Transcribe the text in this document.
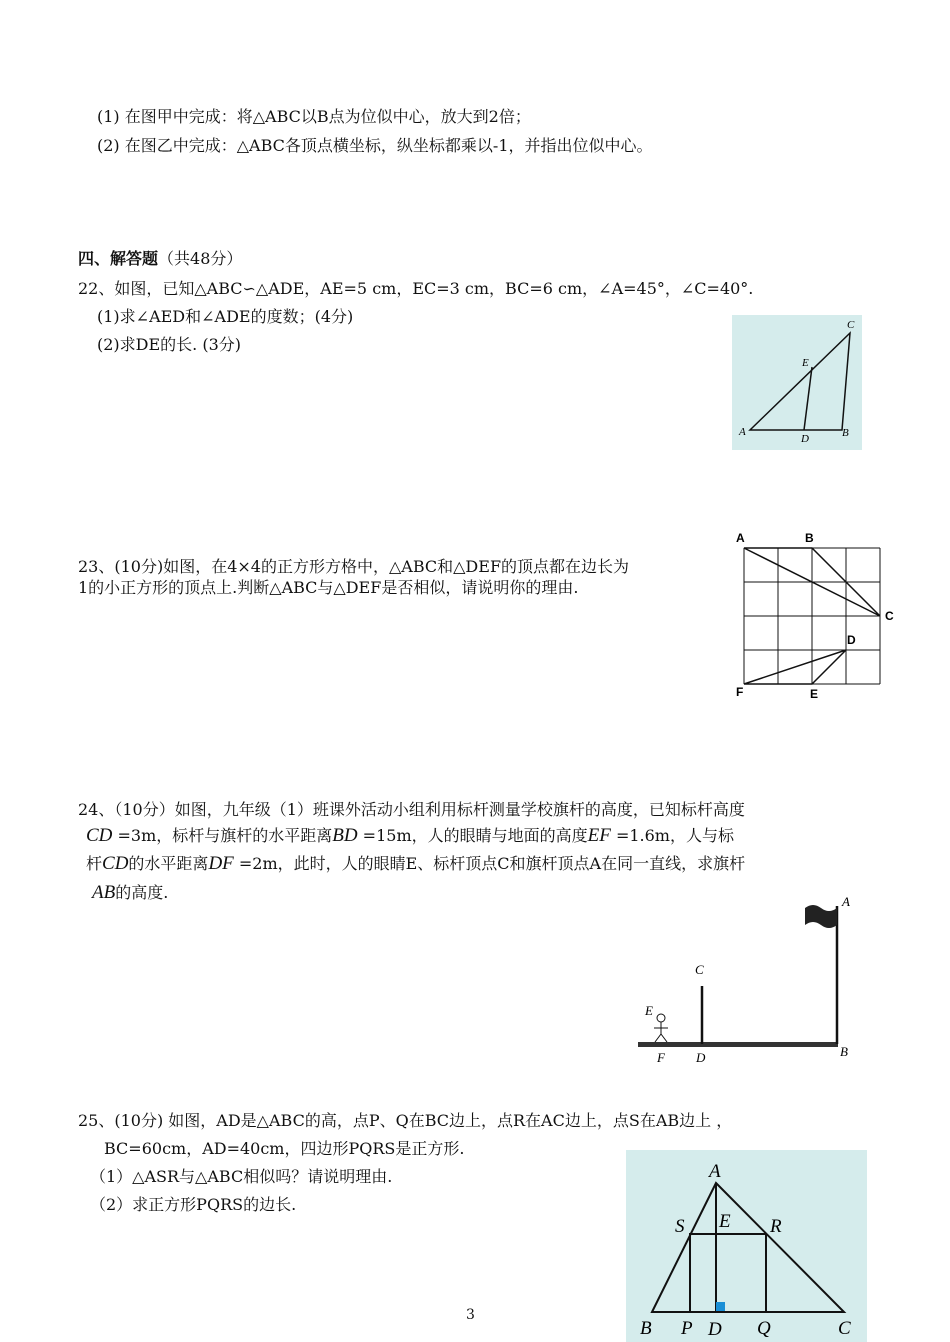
(1) 在图甲中完成：将△ABC以B点为位似中心，放大到2倍；
(2) 在图乙中完成：△ABC各顶点横坐标，纵坐标都乘以-1，并指出位似中心。
四、解答题（共48分）
22、如图，已知△ABC∽△ADE，AE=5 cm，EC=3 cm，BC=6 cm，∠A=45°，∠C=40°.
(1)求∠AED和∠ADE的度数；(4分)
(2)求DE的长. (3分)
A	B
C
D
E
23、(10分)如图，在4×4的正方形方格中，△ABC和△DEF的顶点都在边长为
1的小正方形的顶点上.判断△ABC与△DEF是否相似，请说明你的理由.
A	B
C
D
E
F
24、（10分）如图，九年级（1）班课外活动小组利用标杆测量学校旗杆的高度，已知标杆高度
CD =3m，标杆与旗杆的水平距离BD =15m，人的眼睛与地面的高度EF =1.6m，人与标
杆CD的水平距离DF =2m，此时，人的眼睛E、标杆顶点C和旗杆顶点A在同一直线，求旗杆
AB的高度.	A
B
C
D
E
F
25、(10分) 如图，AD是△ABC的高，点P、Q在BC边上，点R在AC边上，点S在AB边上 ，
BC=60cm，AD=40cm，四边形PQRS是正方形.
（1）△ASR与△ABC相似吗？请说明理由.
（2）求正方形PQRS的边长.
A
B	C
D
E
P	Q
R
S
3
